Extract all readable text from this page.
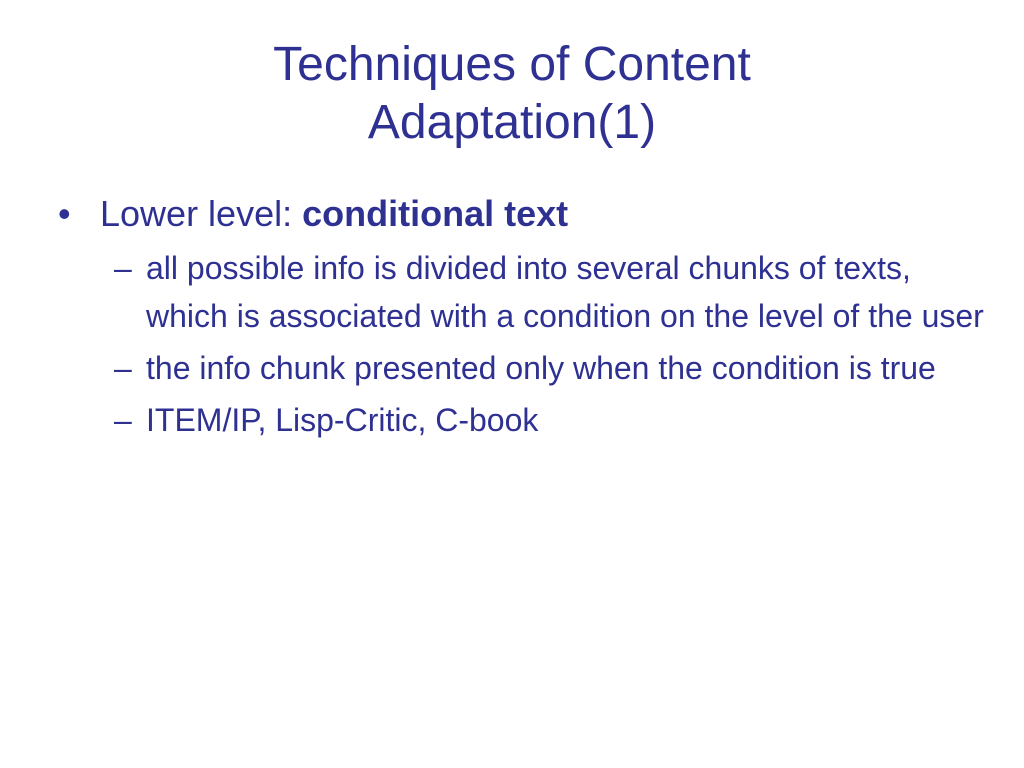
Techniques of Content
Adaptation(1)

• Lower level: conditional text

– all possible info is divided into several chunks of texts, which is associated with a condition on the level of the user

– the info chunk presented only when the condition is true

– ITEM/IP, Lisp-Critic, C-book
